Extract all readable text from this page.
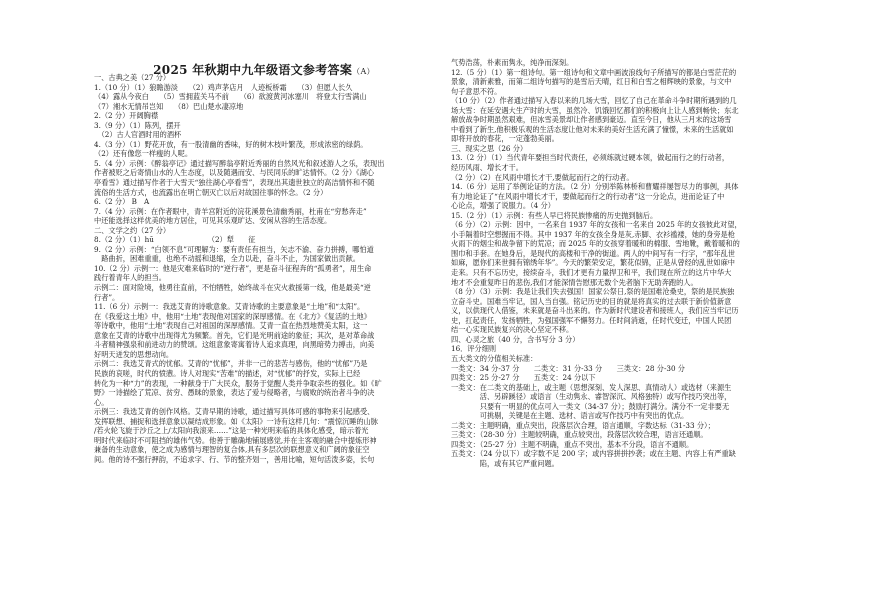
2025 年秋期中九年级语文参考答案（A）
一、古典之美（27 分）
1.（10 分）（1）狼瞻游淡　　（2）鸡声茅店月　人迹板桥霜　　（3）但愿人长久
（4）露从今夜白　　（5）雪拥蓝关马不前　　（6）欲渡黄河冰塞川　将登太行雪满山
（7）湘水无情吊岂知　　（8）巴山楚水凄凉地
2.（2 分）开阔胸襟
3.（9 分）（1）陈列，摆开
　（2）古人官酒时用的酒杯
4.（3 分）（1）野花开放，有一股清幽的香味，好的树木枝叶繁茂，形成浓密的绿荫。
（2）还有像您一样瘦的人呢。
5.（4 分）示例：《醉翁亭记》通过描写醉翁亭附近秀丽的自然风光和叙述游人之乐，表现出
作者被贬之后寄情山水的人生态度，以及随遇而安、与民同乐的旷达情怀。（2 分）《湖心
亭看雪》通过描写作者于大雪天“独往湖心亭看雪”，表现出其遗世独立的高洁情怀和不随
流俗的生活方式，也流露出在明亡朝灭亡以后对故国往事的怀念。（2 分）
6.（2 分） B　A
7.（4 分）示例：在作者眼中，青羊宫附近的浣花溪景色清幽秀丽，杜甫在“穷愁奔走”
中还能选择这样优美的地方居住，可见其乐观旷达、安闲从容的生活态度。
二、文学之约（27 分）
8.（2 分）（1）hū　　　　　　　　（2）犁　　征
9.（2 分）示例：“白领不息”可理解为：要有责任有担当，矢志不渝、奋力拼搏，哪怕道
　路曲折，困难重重，也绝不动摇和退缩，全力以赴，奋斗不止，为国家做出贡献。
10.（2 分）示例一：他是灾难来临时的“逆行者”，更是奋斗征程奔的“孤勇者”，用生命
践行着青年人的担当。
示例二：面对险境，他勇往直前，不怕牺牲，始终战斗在灾火救援第一线，他是最美“逆
行者”。
11.（6 分）示例一：我选艾青的诗歌意象。艾青诗歌的主要意象是“土地”和“太阳”。
在《我爱这土地》中，他用“土地”表现他对国家的深厚感情。在《北方》《复活的土地》
等诗歌中，他用“土地”表现自己对祖国的深厚感情。艾青一直在热烈地赞美太阳，这一
意象在艾青的诗歌中出现得尤为频繁。首先，它们是光明前途的象征；其次，是对革命战
斗者精神强泉和前进动力的赞颂。这组意象寄寓着诗人追求真理，向黑暗势力搏击，向美
好明天迸发的思想动向。
示例二：我选艾青式的忧郁。艾青的“忧郁”，并非一己的悲苦与感伤，他的“忧郁”乃是
民族的哀嗟，时代的愤懑。诗人对现实“苦难”的描述，对“忧郁”的抒发，实际上已经
转化为一种“力”的表现，一种献身于广大民众，服务于觉醒人类并争取亲些的强化。如《旷
野》一诗描绘了荒凉、贫穷、愚昧的景象，表达了爱与侵略者，与腐败的统治者斗争的决
心。
示例三：我选艾青的创作风格。艾青早期的诗歌，通过描写具体可感的事物来引起感受、
发挥联想、捕捉和选择意象以凝结成形象。如《太阳》一诗有这样几句：“震惊沉睡的山脉
/若火轮飞旋于沙丘之上/太阳向我滚来……”这是一种光明来临的具体化感受，暗示着光
明时代来临时不可阻挡的雄伟气势。他善于雕确地铺展感觉,并在主客观的融合中提炼形神
兼备的生动意象，使之成为感情与理智的复合体,具有多层次的联想意义和广阔的象征空
间。他的诗不强行押韵，不追求字、行、节的整齐划一，善用比喻，短句活泼多姿，长句
气势浩荡，朴素而隽永，纯净而深刻。
12.（5 分）（1）第一组诗句。第一组诗句和文章中画波浪线句子所描写的都是白雪茫茫的
景象，清新素雅，而第二组诗句描写的是雪后天晴，红日和白雪之相辉映的景象，与文中
句子意思不符。
（10 分）（2）作者通过描写入春以来的几场大雪，回忆了自己在革命斗争时期所遇到的几
场大雪：在延安遇大生产时的大雪，虽然冷、饥饿回忆都们的积极向上让人感到畅快；东北
解放战争时期虽然艰难，但冰雪美景却让作者感到豪迈。直至今日，他从三月末的这场雪
中看到了新生,他积极乐观的生活态度让他对未来的美好生活充满了憧憬，未来的生活就如
即将开放的春花，一定蓬勃美丽。
三、现实之思（26 分）
13.（2 分）（1）当代青年要担当时代责任，必须练就过硬本领，做起而行之的行动者，
经历风雨、增长才干。
（2 分）（2）在风雨中增长才干,要做起而行之的行动者。
14.（6 分）运用了举例论证的方法。（2 分）分别举陈林桥和曹耀祥屡智尽力的事例，具体
有力地论证了“在风雨中增长才干，要做起而行之的行动者”这一分论点，进而论证了中
心论点，增强了说服力。（4 分）
15.（2 分）（1）示例：有些人早已将民族惨痛的历史抛到脑后。
（6 分）（2）示例：因中，一名来自 1937 年的女孩和一名来自 2025 年的女孩彼此对望，
小手隔着时空想握而不得。其中 1937 年的女孩全身是灰,赤脚、衣衫褴褛，她的身旁是枪
火雨下的烟尘和战争留下的荒凉；而 2025 年的女孩穿着暖和的棉服、雪地靴，戴着暖和的
围巾和手套。在她身后，是现代的高楼和干净的街道。两人的中间写有一行字，“那年乱世
如麻，愿你们来世拥有锦绣年华”。今天的繁荣安定，繁花似锦，正是从曾经的乱世如麻中
走来。只有不忘历史，接续奋斗，我们才更有力量捍卫和平，我们现在所立的这片中华大
地才不会重复昨日的悲伤,我们才能深情告慰那无数个先者脑下无助奔跑的人。
（8 分）（3）示例：我是让我们失去强国！国家公祭日,祭的是国难沧桑史，祭的是民族独
立奋斗史。国难当牢记，国人当自强。铭记历史的目的就是将真实的过去联于新价值新意
义，以供现代人借鉴，未来就是奋斗出来的。作为新时代建设者和接班人，我们应当牢记历
史，扛起责任，发扬牺牲，为强国强军不懈努力。任时间消逝，任时代变迁，中国人民团
结一心实现民族复兴的决心坚定不移。
四、心灵之旅（40 分，含书写分 3 分）
16．评分细则
五大类文的分值相关标准：
一类文：34 分-37 分　　二类文：31 分-33 分　　三类文：28 分-30 分
四类文：25 分-27 分　　五类文：24 分以下
一类文：在二类文的基础上，或主题（思想深刻、发人深思、真情动人）或选材（来源生
　　　　活、另辟蹊径）或语言（生动隽永、睿智深沉、风格独特）或写作技巧突出等，
　　　　只要有一明显的优点可入一类文（34-37 分）；鼓励打满分。满分不一定非要无
　　　　可挑剔，关键是在主题、选材、语言或写作技巧中有突出的优点。
二类文：主题明确，重点突出，段落层次合理，语言通顺，字数达标（31-33 分）；
三类文：（28-30 分）主题较明确，重点较突出，段落层次较合理，语言还通顺。
四类文：（25-27 分）主题不明确，重点不突出，基本不分段，语言不通顺。
五类文：（24 分以下）或字数不足 200 字；或内容拼拼抄袭；或在主题、内容上有严重缺
　　　　陷，或有其它严重问题。
